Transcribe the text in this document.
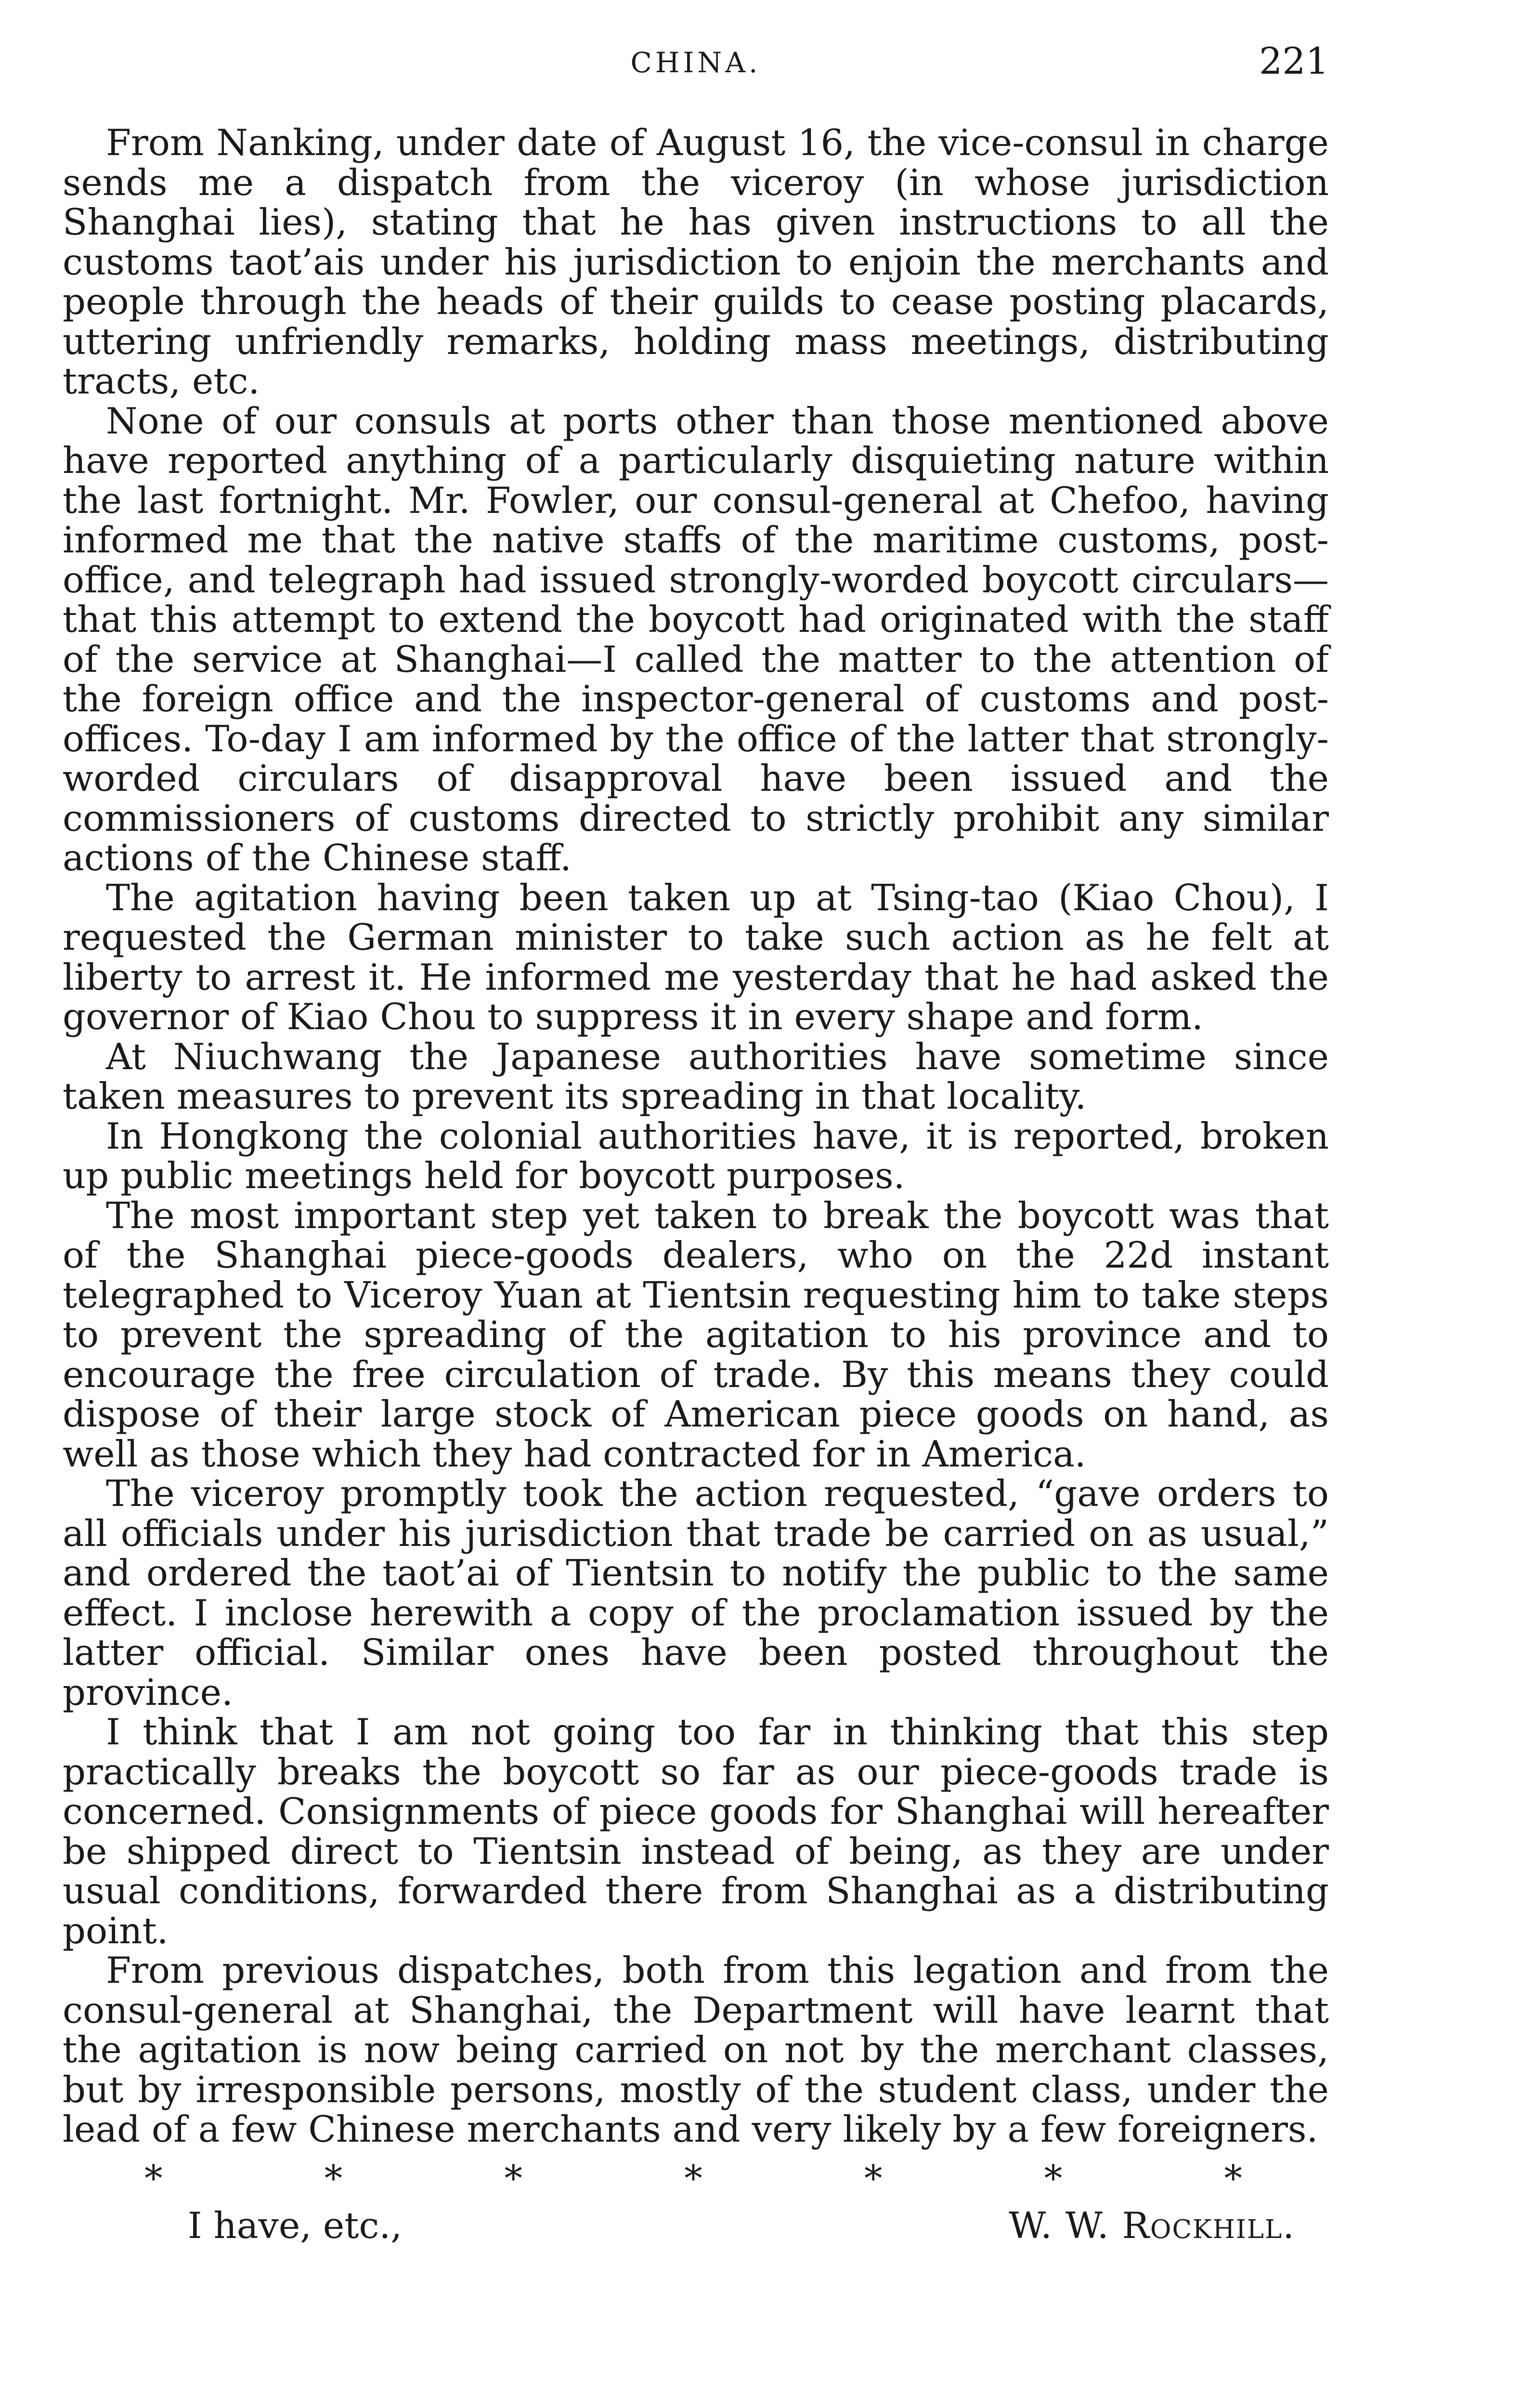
CHINA.	221

From Nanking, under date of August 16, the vice-consul in charge sends me a dispatch from the viceroy (in whose jurisdiction Shanghai lies), stating that he has given instructions to all the customs taot’ais under his jurisdiction to enjoin the merchants and people through the heads of their guilds to cease posting placards, uttering unfriendly remarks, holding mass meetings, distributing tracts, etc.

None of our consuls at ports other than those mentioned above have reported anything of a particularly disquieting nature within the last fortnight. Mr. Fowler, our consul-general at Chefoo, having informed me that the native staffs of the maritime customs, post-office, and telegraph had issued strongly-worded boycott circulars—that this attempt to extend the boycott had originated with the staff of the service at Shanghai—I called the matter to the attention of the foreign office and the inspector-general of customs and post-offices. To-day I am informed by the office of the latter that strongly-worded circulars of disapproval have been issued and the commissioners of customs directed to strictly prohibit any similar actions of the Chinese staff.

The agitation having been taken up at Tsing-tao (Kiao Chou), I requested the German minister to take such action as he felt at liberty to arrest it. He informed me yesterday that he had asked the governor of Kiao Chou to suppress it in every shape and form.

At Niuchwang the Japanese authorities have sometime since taken measures to prevent its spreading in that locality.

In Hongkong the colonial authorities have, it is reported, broken up public meetings held for boycott purposes.

The most important step yet taken to break the boycott was that of the Shanghai piece-goods dealers, who on the 22d instant telegraphed to Viceroy Yuan at Tientsin requesting him to take steps to prevent the spreading of the agitation to his province and to encourage the free circulation of trade. By this means they could dispose of their large stock of American piece goods on hand, as well as those which they had contracted for in America.

The viceroy promptly took the action requested, “gave orders to all officials under his jurisdiction that trade be carried on as usual,” and ordered the taot’ai of Tientsin to notify the public to the same effect. I inclose herewith a copy of the proclamation issued by the latter official. Similar ones have been posted throughout the province.

I think that I am not going too far in thinking that this step practically breaks the boycott so far as our piece-goods trade is concerned. Consignments of piece goods for Shanghai will hereafter be shipped direct to Tientsin instead of being, as they are under usual conditions, forwarded there from Shanghai as a distributing point.

From previous dispatches, both from this legation and from the consul-general at Shanghai, the Department will have learnt that the agitation is now being carried on not by the merchant classes, but by irresponsible persons, mostly of the student class, under the lead of a few Chinese merchants and very likely by a few foreigners.

*	*	*	*	*	*	*
I have, etc.,	W. W. Rockhill.
